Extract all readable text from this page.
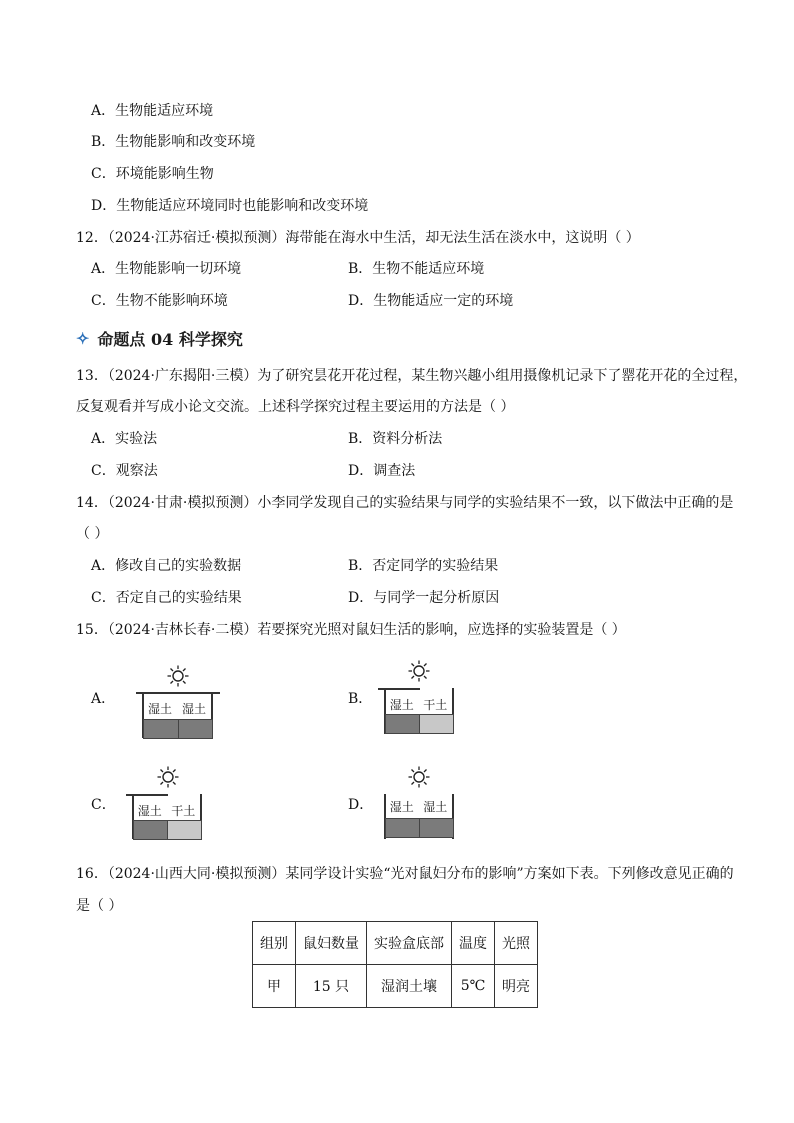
A．生物能适应环境
B．生物能影响和改变环境
C．环境能影响生物
D．生物能适应环境同时也能影响和改变环境
12．（2024·江苏宿迁·模拟预测）海带能在海水中生活，却无法生活在淡水中，这说明（ ）
A．生物能影响一切环境	B．生物不能适应环境
C．生物不能影响环境	D．生物能适应一定的环境
✧ 命题点 04 科学探究
13．（2024·广东揭阳·三模）为了研究昙花开花过程，某生物兴趣小组用摄像机记录下了罂花开花的全过程，
反复观看并写成小论文交流。上述科学探究过程主要运用的方法是（ ）
A．实验法	B．资料分析法
C．观察法	D．调查法
14．（2024·甘肃·模拟预测）小李同学发现自己的实验结果与同学的实验结果不一致，以下做法中正确的是
（ ）
A．修改自己的实验数据	B．否定同学的实验结果
C．否定自己的实验结果	D．与同学一起分析原因
15．（2024·吉林长春·二模）若要探究光照对鼠妇生活的影响，应选择的实验装置是（ ）
A．
湿土 湿土
B．	湿土 干土
C．	湿土 干土	D．	湿土 湿土
16．（2024·山西大同·模拟预测）某同学设计实验“光对鼠妇分布的影响”方案如下表。下列修改意见正确的
是（ ）
组别	鼠妇数量	实验盒底部	温度	光照
甲	15 只	湿润土壤	5℃	明亮
